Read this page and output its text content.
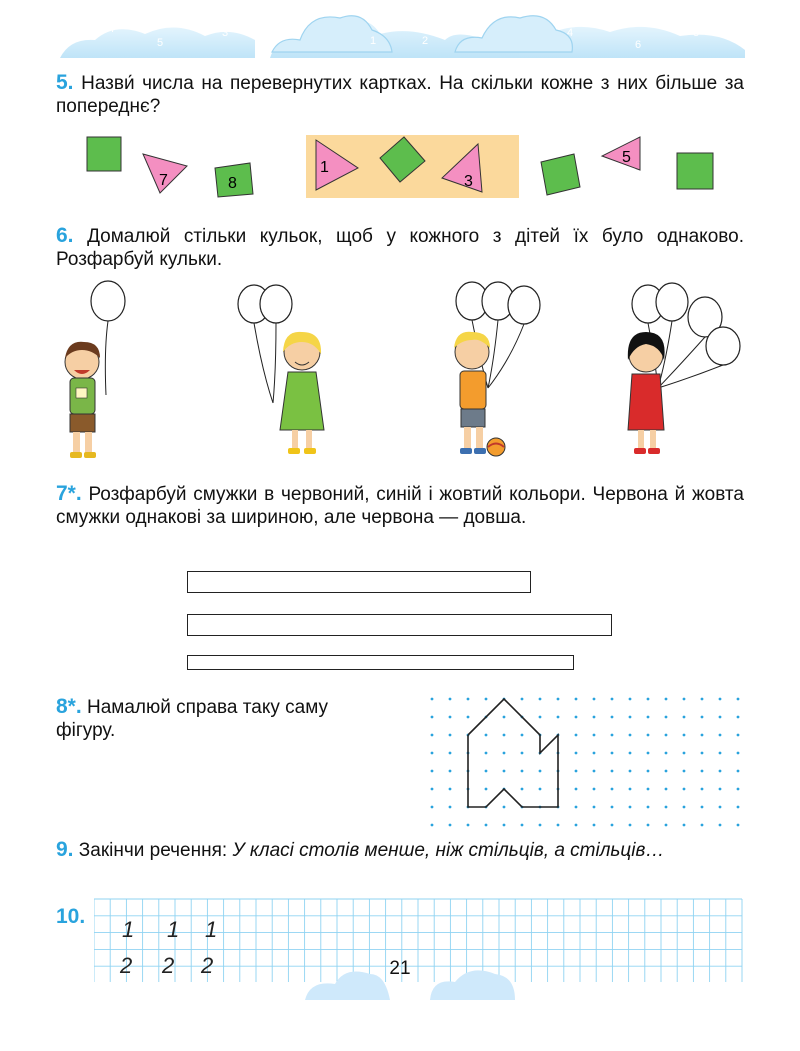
7
5
3
1
0
2
4
6
8

5. Назви́ числа на перевернутих картках. На скільки кожне з них більше за попереднє?

7	8
1
3
5

6. Домалюй стільки кульок, щоб у кожного з дітей їх було однаково. Розфарбуй кульки.

7*. Розфарбуй смужки в червоний, синій і жовтий кольори. Червона й жовта смужки однакові за шириною, але червона — довша.

8*. Намалюй справа таку саму фігуру.

9. Закінчи речення: У класі столів менше, ніж стільців, а стільців…

10.
1 1 1
2 2 2	21
